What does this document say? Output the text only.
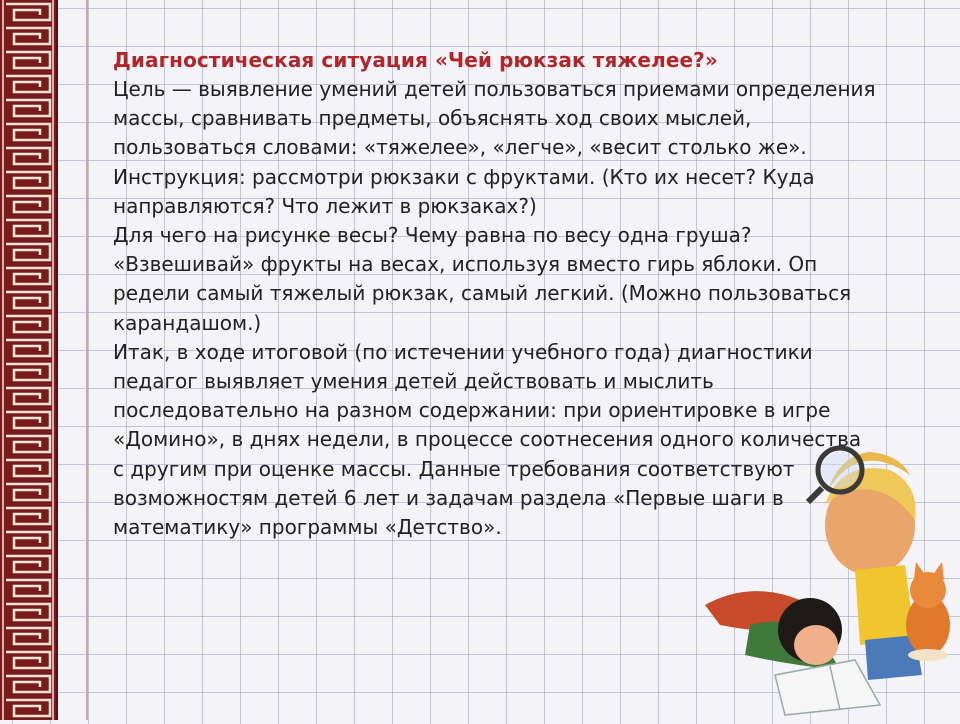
Диагностическая ситуация «Чей рюкзак тяжелее?»

Цель — выявление умений детей пользоваться приемами определения

массы, сравнивать предметы, объяснять ход своих мыслей,

пользоваться словами: «тяжелее», «легче», «весит столько же».

Инструкция: рассмотри рюкзаки с фруктами. (Кто их несет? Куда

направляются? Что лежит в рюкзаках?)

Для чего на рисунке весы? Чему равна по весу одна груша?

«Взвешивай» фрукты на весах, используя вместо гирь яблоки. Оп

редели самый тяжелый рюкзак, самый легкий. (Можно пользоваться

карандашом.)

Итак, в ходе итоговой (по истечении учебного года) диагностики

педагог выявляет умения детей действовать и мыслить

последовательно на разном содержании: при ориентировке в игре

«Домино», в днях недели, в процессе соотнесения одного количества

с другим при оценке массы. Данные требования соответствуют

возможностям детей 6 лет и задачам раздела «Первые шаги в

математику» программы «Детство».
